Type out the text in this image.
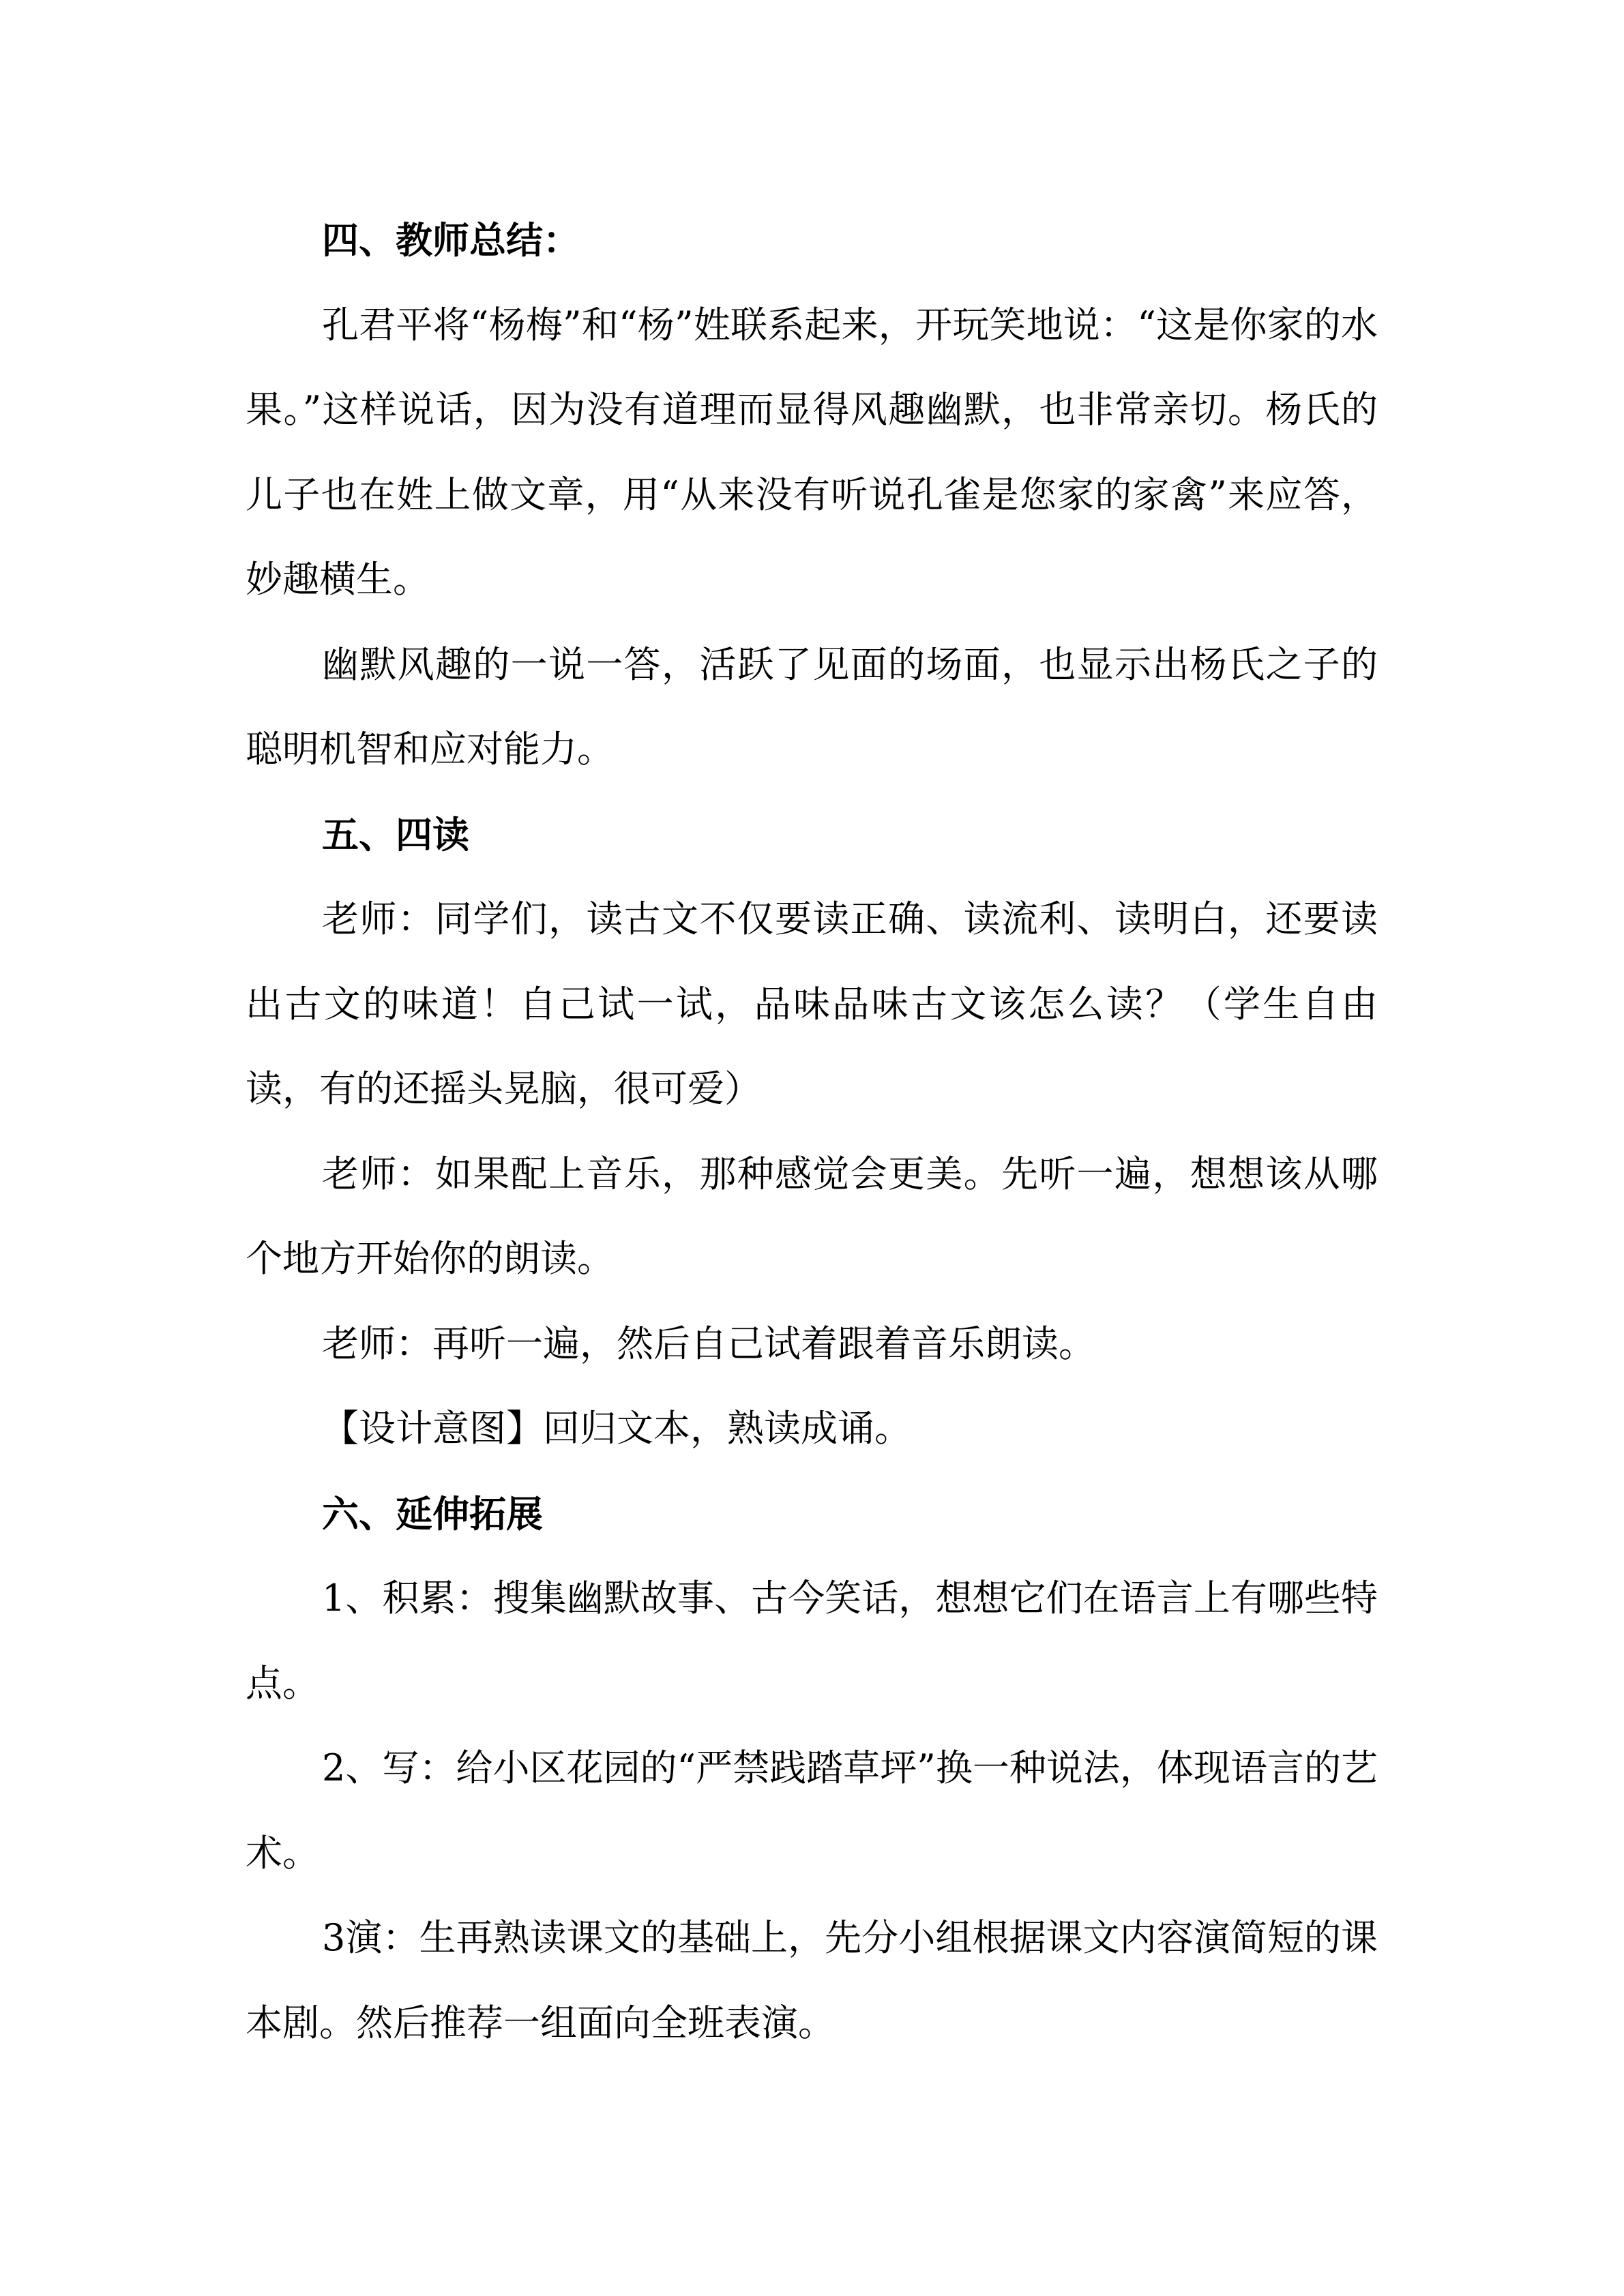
四、教师总结：

孔君平将“杨梅”和“杨”姓联系起来，开玩笑地说：“这是你家的水果。”这样说话，因为没有道理而显得风趣幽默，也非常亲切。杨氏的儿子也在姓上做文章，用“从来没有听说孔雀是您家的家禽”来应答，妙趣横生。

幽默风趣的一说一答，活跃了见面的场面，也显示出杨氏之子的聪明机智和应对能力。

五、四读

老师：同学们，读古文不仅要读正确、读流利、读明白，还要读出古文的味道！自己试一试，品味品味古文该怎么读？（学生自由读，有的还摇头晃脑，很可爱）

老师：如果配上音乐，那种感觉会更美。先听一遍，想想该从哪个地方开始你的朗读。

老师：再听一遍，然后自己试着跟着音乐朗读。

【设计意图】回归文本，熟读成诵。

六、延伸拓展

1、积累：搜集幽默故事、古今笑话，想想它们在语言上有哪些特点。

2、写：给小区花园的“严禁践踏草坪”换一种说法，体现语言的艺术。

3演：生再熟读课文的基础上，先分小组根据课文内容演简短的课本剧。然后推荐一组面向全班表演。
